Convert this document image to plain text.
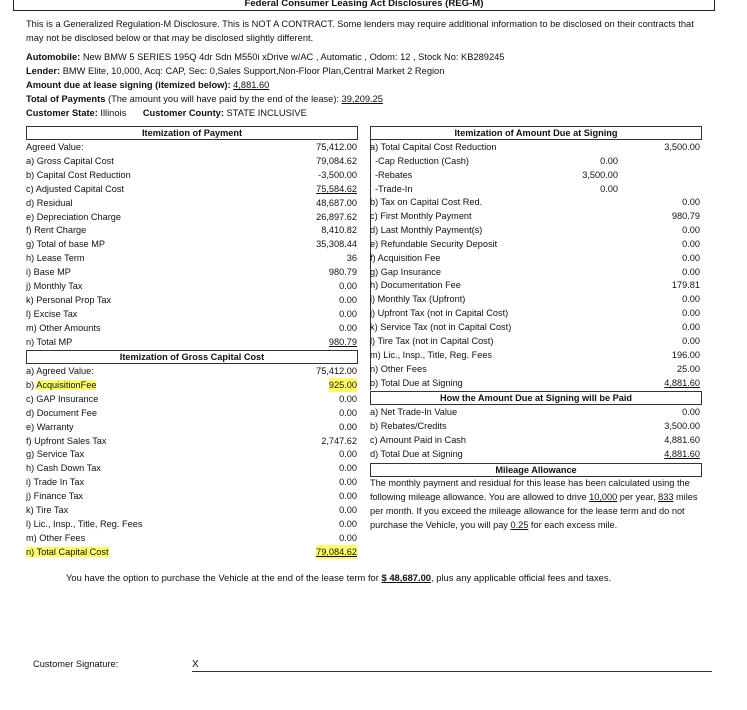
Federal Consumer Leasing Act Disclosures (REG-M)
This is a Generalized Regulation-M Disclosure. This is NOT A CONTRACT. Some lenders may require additional information to be disclosed on their contracts that may not be disclosed below or that may be disclosed slightly different.
Automobile: New BMW 5 SERIES 195Q 4dr Sdn M550i xDrive w/AC , Automatic , Odom: 12 , Stock No: KB289245
Lender: BMW Elite, 10,000, Acq: CAP, Sec: 0,Sales Support,Non-Floor Plan,Central Market 2 Region
Amount due at lease signing (itemized below): 4,881.60
Total of Payments (The amount you will have paid by the end of the lease): 39,209.25
Customer State: Illinois Customer County: STATE INCLUSIVE
Itemization of Payment
Agreed Value:	75,412.00
a) Gross Capital Cost	79,084.62
b) Capital Cost Reduction	-3,500.00
c) Adjusted Capital Cost	75,584.62
d) Residual	48,687.00
e) Depreciation Charge	26,897.62
f) Rent Charge	8,410.82
g) Total of base MP	35,308.44
h) Lease Term	36
i) Base MP	980.79
j) Monthly Tax	0.00
k) Personal Prop Tax	0.00
l) Excise Tax	0.00
m) Other Amounts	0.00
n) Total MP	980.79
Itemization of Gross Capital Cost
a) Agreed Value:	75,412.00
b) AcquisitionFee	925.00
c) GAP Insurance	0.00
d) Document Fee	0.00
e) Warranty	0.00
f) Upfront Sales Tax	2,747.62
g) Service Tax	0.00
h) Cash Down Tax	0.00
i) Trade In Tax	0.00
j) Finance Tax	0.00
k) Tire Tax	0.00
l) Lic., Insp., Title, Reg. Fees	0.00
m) Other Fees	0.00
n) Total Capital Cost	79,084.62
Itemization of Amount Due at Signing
a) Total Capital Cost Reduction	3,500.00
-Cap Reduction (Cash)	0.00
-Rebates	3,500.00
-Trade-In	0.00
b) Tax on Capital Cost Red.	0.00
c) First Monthly Payment	980.79
d) Last Monthly Payment(s)	0.00
e) Refundable Security Deposit	0.00
f) Acquisition Fee	0.00
g) Gap Insurance	0.00
h) Documentation Fee	179.81
i) Monthly Tax (Upfront)	0.00
j) Upfront Tax (not in Capital Cost)	0.00
k) Service Tax (not in Capital Cost)	0.00
l) Tire Tax (not in Capital Cost)	0.00
m) Lic., Insp., Title, Reg. Fees	196.00
n) Other Fees	25.00
o) Total Due at Signing	4,881.60
How the Amount Due at Signing will be Paid
a) Net Trade-In Value	0.00
b) Rebates/Credits	3,500.00
c) Amount Paid in Cash	4,881.60
d) Total Due at Signing	4,881.60
Mileage Allowance
The monthly payment and residual for this lease has been calculated using the following mileage allowance. You are allowed to drive 10,000 per year, 833 miles per month. If you exceed the mileage allowance for the lease term and do not purchase the Vehicle, you will pay 0.25 for each excess mile.
You have the option to purchase the Vehicle at the end of the lease term for $ 48,687.00, plus any applicable official fees and taxes.
Customer Signature:	X
